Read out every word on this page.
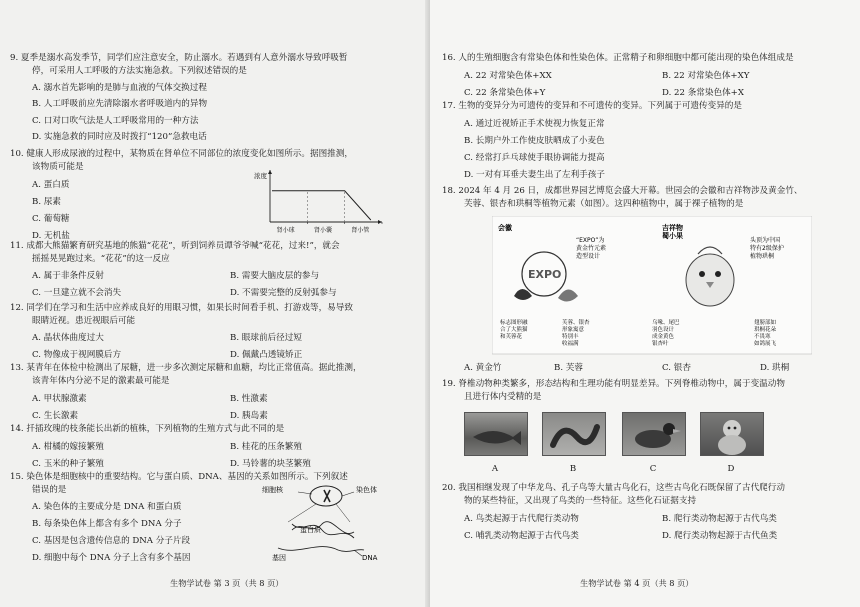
9. 夏季是溺水高发季节，同学们应注意安全，防止溺水。若遇到有人意外溺水导致呼吸暂
停，可采用人工呼吸的方法实施急救。下列叙述错误的是
A. 溺水首先影响的是肺与血液的气体交换过程
B. 人工呼吸前应先清除溺水者呼吸道内的异物
C. 口对口吹气法是人工呼吸常用的一种方法
D. 实施急救的同时应及时拨打“120”急救电话
10. 健康人形成尿液的过程中，某物质在肾单位不同部位的浓度变化如图所示。据图推测，
该物质可能是
A. 蛋白质
B. 尿素
C. 葡萄糖
D. 无机盐
浓度
肾小球	肾小囊	肾小管
11. 成都大熊猫繁育研究基地的熊猫“花花”，听到饲养员谭爷爷喊“花花，过来!”，就会
摇摇晃晃跑过来。“花花”的这一反应
A. 属于非条件反射	B. 需要大脑皮层的参与
C. 一旦建立就不会消失	D. 不需要完整的反射弧参与
12. 同学们在学习和生活中应养成良好的用眼习惯，如果长时间看手机、打游戏等，易导致
眼睛近视。患近视眼后可能
A. 晶状体曲度过大	B. 眼球前后径过短
C. 物像成于视网膜后方	D. 佩戴凸透镜矫正
13. 某青年在体检中检测出了尿糖，进一步多次测定尿糖和血糖，均比正常值高。据此推测，
该青年体内分泌不足的激素最可能是
A. 甲状腺激素	B. 性激素
C. 生长激素	D. 胰岛素
14. 扦插玫瑰的枝条能长出新的植株，下列植物的生殖方式与此不同的是
A. 柑橘的嫁接繁殖	B. 桂花的压条繁殖
C. 玉米的种子繁殖	D. 马铃薯的块茎繁殖
15. 染色体是细胞核中的重要结构。它与蛋白质、DNA、基因的关系如图所示。下列叙述
错误的是
A. 染色体的主要成分是 DNA 和蛋白质
B. 每条染色体上都含有多个 DNA 分子
C. 基因是包含遗传信息的 DNA 分子片段
D. 细胞中每个 DNA 分子上含有多个基因
细胞核	染色体
蛋白质
基因	DNA
生物学试卷 第 3 页（共 8 页）
16. 人的生殖细胞含有常染色体和性染色体。正常精子和卵细胞中都可能出现的染色体组成是
A. 22 对常染色体+XX	B. 22 对常染色体+XY
C. 22 条常染色体+Y	D. 22 条常染色体+X
17. 生物的变异分为可遗传的变异和不可遗传的变异。下列属于可遗传变异的是
A. 通过近视矫正手术使视力恢复正常
B. 长期户外工作使皮肤晒成了小麦色
C. 经常打乒乓球使手眼协调能力提高
D. 一对有耳垂夫妻生出了左利手孩子
18. 2024 年 4 月 26 日，成都世界园艺博览会盛大开幕。世园会的会徽和吉祥物涉及黄金竹、
芙蓉、银杏和珙桐等植物元素（如图）。这四种植物中，属于裸子植物的是
会徽
EXPO
“EXPO”为 黄金竹元素 造型设计
标志图形融 合了大熊猫 和芙蓉花
芙蓉、银杏 形象寓意 特别丰 收福满
吉祥物 蜀小果
头顶为中国 特有2级保护 植物珙桐
乌喙、尾巴 羽色设计 成金黄色 银杏叶
翅膀部如 珙桐花朵 不畏寒 如鸽展飞
A. 黄金竹	B. 芙蓉	C. 银杏	D. 珙桐
19. 脊椎动物种类繁多，形态结构和生理功能有明显差异。下列脊椎动物中，属于变温动物
且进行体内受精的是
A	B	C	D
20. 我国相继发现了中华龙鸟、孔子鸟等大量古鸟化石，这些古鸟化石既保留了古代爬行动
物的某些特征，又出现了鸟类的一些特征。这些化石证据支持
A. 鸟类起源于古代爬行类动物	B. 爬行类动物起源于古代鸟类
C. 哺乳类动物起源于古代鸟类	D. 爬行类动物起源于古代鱼类
生物学试卷 第 4 页（共 8 页）
